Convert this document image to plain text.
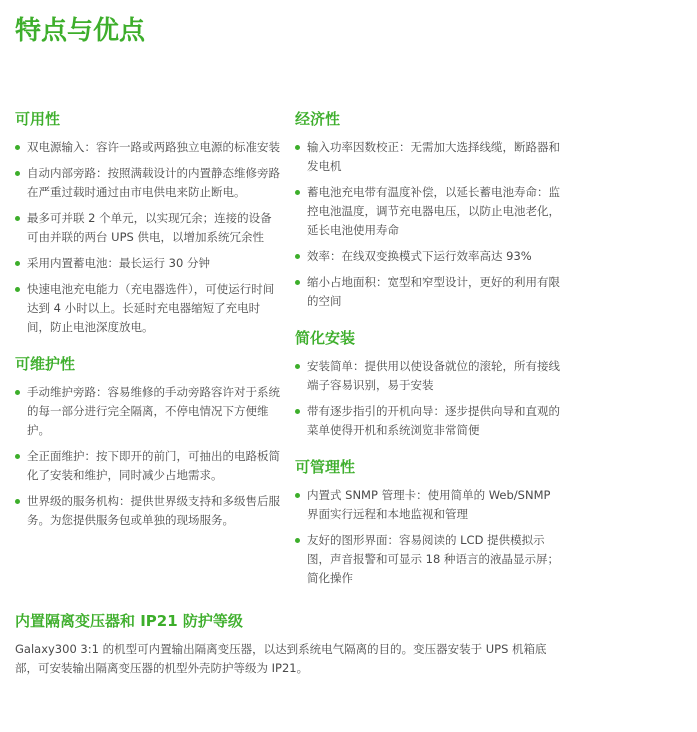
特点与优点
可用性
双电源输入：容许一路或两路独立电源的标准安装
自动内部旁路：按照满载设计的内置静态维修旁路在严重过载时通过由市电供电来防止断电。
最多可并联 2 个单元，以实现冗余；连接的设备可由并联的两台 UPS 供电，以增加系统冗余性
采用内置蓄电池：最长运行 30 分钟
快速电池充电能力（充电器选件），可使运行时间达到 4 小时以上。长延时充电器缩短了充电时间，防止电池深度放电。
可维护性
手动维护旁路：容易维修的手动旁路容许对于系统的每一部分进行完全隔离，不停电情况下方便维护。
全正面维护：按下即开的前门，可抽出的电路板简化了安装和维护，同时减少占地需求。
世界级的服务机构：提供世界级支持和多级售后服务。为您提供服务包或单独的现场服务。
经济性
输入功率因数校正：无需加大选择线缆，断路器和发电机
蓄电池充电带有温度补偿，以延长蓄电池寿命：监控电池温度，调节充电器电压，以防止电池老化，延长电池使用寿命
效率：在线双变换模式下运行效率高达 93%
缩小占地面积：宽型和窄型设计，更好的利用有限的空间
简化安装
安装简单：提供用以使设备就位的滚轮，所有接线端子容易识别，易于安装
带有逐步指引的开机向导：逐步提供向导和直观的菜单使得开机和系统浏览非常简便
可管理性
内置式 SNMP 管理卡：使用简单的 Web/SNMP 界面实行远程和本地监视和管理
友好的图形界面：容易阅读的 LCD 提供模拟示图，声音报警和可显示 18 种语言的液晶显示屏；简化操作
内置隔离变压器和 IP21 防护等级

Galaxy300 3:1 的机型可内置输出隔离变压器，以达到系统电气隔离的目的。变压器安装于 UPS 机箱底部，可安装输出隔离变压器的机型外壳防护等级为 IP21。
